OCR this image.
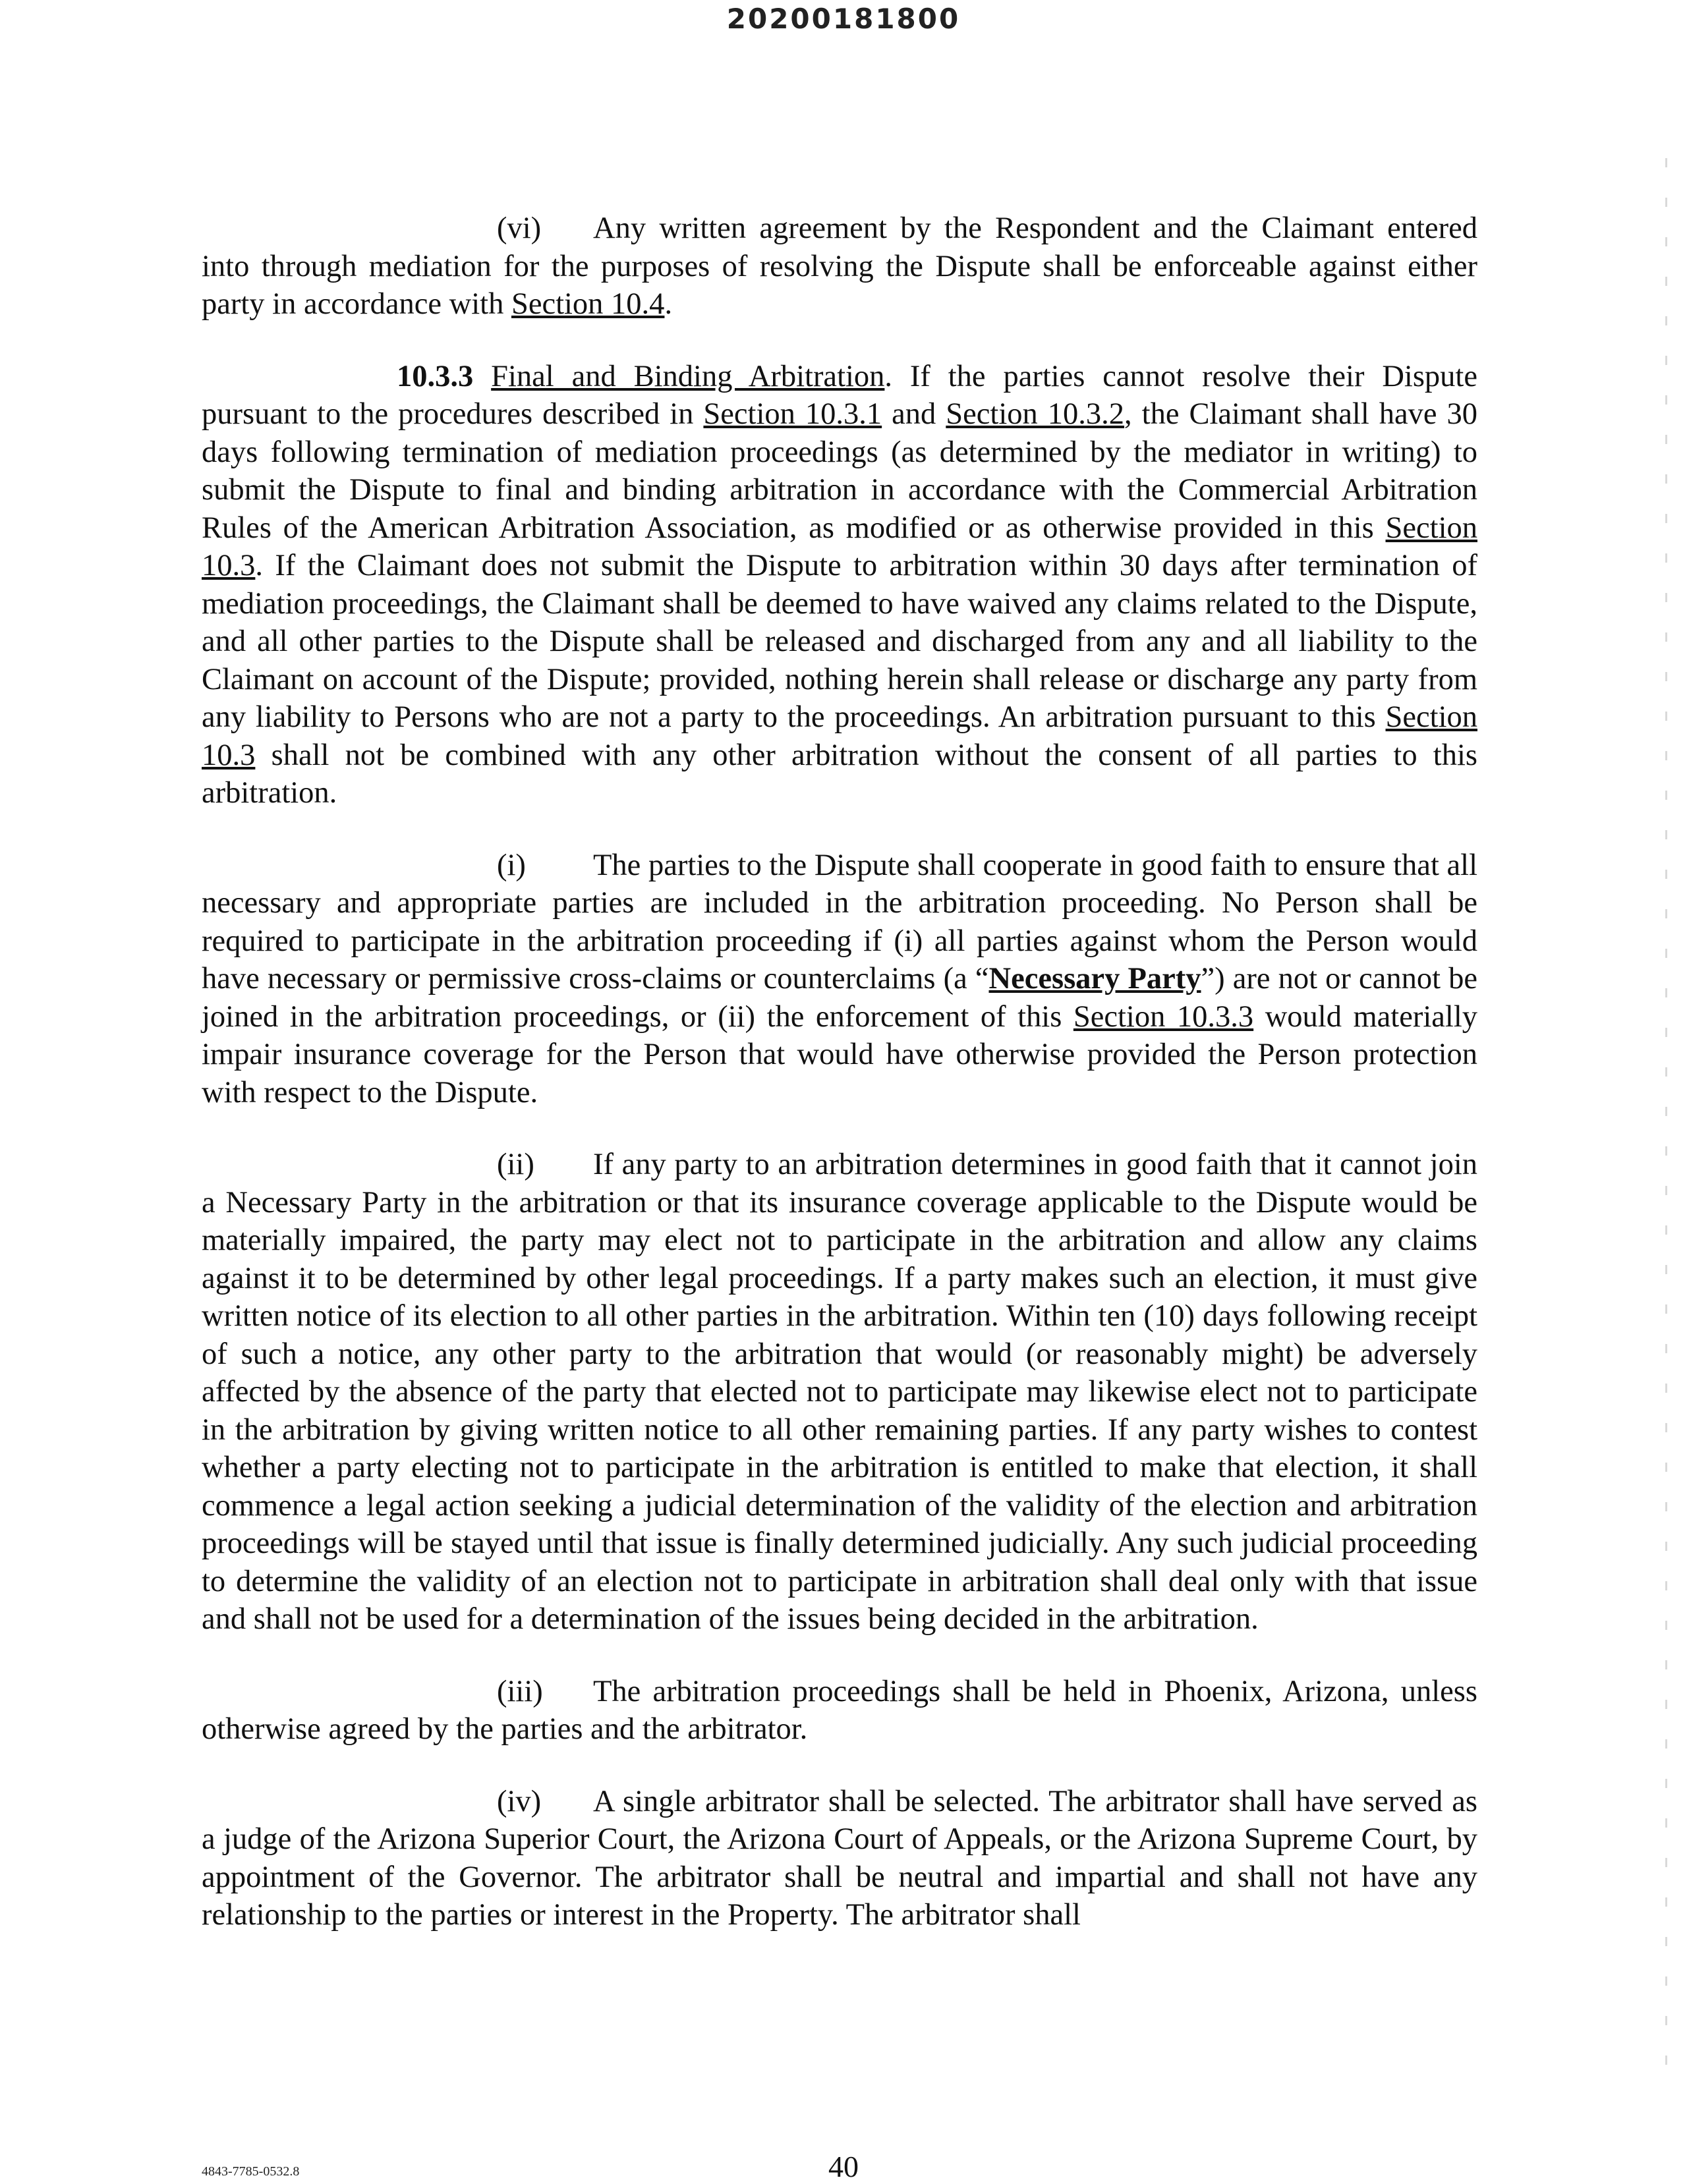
20200181800

(vi) Any written agreement by the Respondent and the Claimant entered into through mediation for the purposes of resolving the Dispute shall be enforceable against either party in accordance with Section 10.4.

10.3.3 Final and Binding Arbitration. If the parties cannot resolve their Dispute pursuant to the procedures described in Section 10.3.1 and Section 10.3.2, the Claimant shall have 30 days following termination of mediation proceedings (as determined by the mediator in writing) to submit the Dispute to final and binding arbitration in accordance with the Commercial Arbitration Rules of the American Arbitration Association, as modified or as otherwise provided in this Section 10.3. If the Claimant does not submit the Dispute to arbitration within 30 days after termination of mediation proceedings, the Claimant shall be deemed to have waived any claims related to the Dispute, and all other parties to the Dispute shall be released and discharged from any and all liability to the Claimant on account of the Dispute; provided, nothing herein shall release or discharge any party from any liability to Persons who are not a party to the proceedings. An arbitration pursuant to this Section 10.3 shall not be combined with any other arbitration without the consent of all parties to this arbitration.

(i) The parties to the Dispute shall cooperate in good faith to ensure that all necessary and appropriate parties are included in the arbitration proceeding. No Person shall be required to participate in the arbitration proceeding if (i) all parties against whom the Person would have necessary or permissive cross-claims or counterclaims (a “Necessary Party”) are not or cannot be joined in the arbitration proceedings, or (ii) the enforcement of this Section 10.3.3 would materially impair insurance coverage for the Person that would have otherwise provided the Person protection with respect to the Dispute.

(ii) If any party to an arbitration determines in good faith that it cannot join a Necessary Party in the arbitration or that its insurance coverage applicable to the Dispute would be materially impaired, the party may elect not to participate in the arbitration and allow any claims against it to be determined by other legal proceedings. If a party makes such an election, it must give written notice of its election to all other parties in the arbitration. Within ten (10) days following receipt of such a notice, any other party to the arbitration that would (or reasonably might) be adversely affected by the absence of the party that elected not to participate may likewise elect not to participate in the arbitration by giving written notice to all other remaining parties. If any party wishes to contest whether a party electing not to participate in the arbitration is entitled to make that election, it shall commence a legal action seeking a judicial determination of the validity of the election and arbitration proceedings will be stayed until that issue is finally determined judicially. Any such judicial proceeding to determine the validity of an election not to participate in arbitration shall deal only with that issue and shall not be used for a determination of the issues being decided in the arbitration.

(iii) The arbitration proceedings shall be held in Phoenix, Arizona, unless otherwise agreed by the parties and the arbitrator.

(iv) A single arbitrator shall be selected. The arbitrator shall have served as a judge of the Arizona Superior Court, the Arizona Court of Appeals, or the Arizona Supreme Court, by appointment of the Governor. The arbitrator shall be neutral and impartial and shall not have any relationship to the parties or interest in the Property. The arbitrator shall

4843-7785-0532.8	40
